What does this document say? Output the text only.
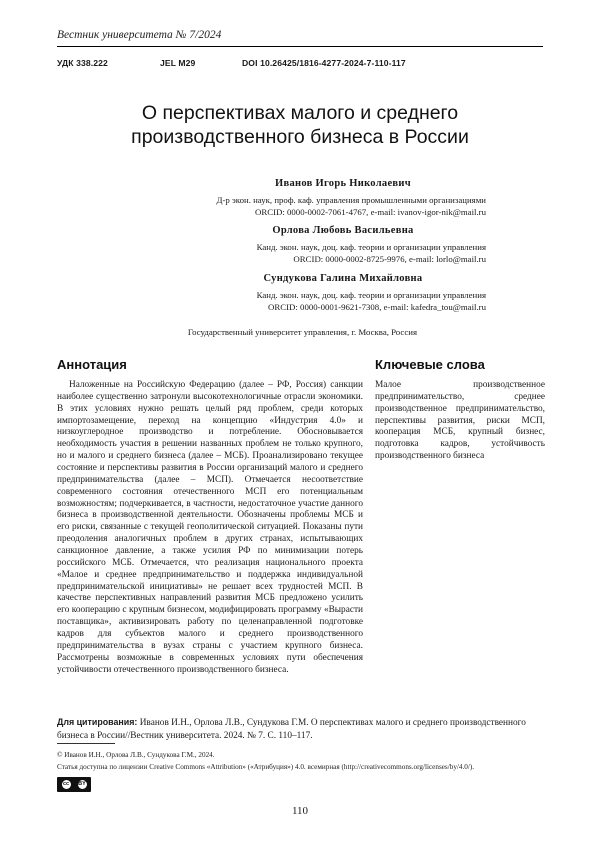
Вестник университета № 7/2024
УДК 338.222	JEL M29	DOI 10.26425/1816-4277-2024-7-110-117
О перспективах малого и среднего
производственного бизнеса в России
Иванов Игорь Николаевич
Д-р экон. наук, проф. каф. управления промышленными организациями
ORCID: 0000-0002-7061-4767, e-mail: ivanov-igor-nik@mail.ru
Орлова Любовь Васильевна
Канд. экон. наук, доц. каф. теории и организации управления
ORCID: 0000-0002-8725-9976, e-mail: lorlo@mail.ru
Сундукова Галина Михайловна
Канд. экон. наук, доц. каф. теории и организации управления
ORCID: 0000-0001-9621-7308, e-mail: kafedra_tou@mail.ru
Государственный университет управления, г. Москва, Россия
Аннотация

Наложенные на Российскую Федерацию (далее – РФ, Россия) санкции наиболее существенно затронули высокотехнологичные отрасли экономики. В этих условиях нужно решать целый ряд проблем, среди которых импортозамещение, переход на концепцию «Индустрия 4.0» и низкоуглеродное производство и потребление. Обосновывается необходимость участия в решении названных проблем не только крупного, но и малого и среднего бизнеса (далее – МСБ). Проанализировано текущее состояние и перспективы развития в России организаций малого и среднего предпринимательства (далее – МСП). Отмечается несоответствие современного состояния отечественного МСП его потенциальным возможностям; подчеркивается, в частности, недостаточное участие данного бизнеса в производственной деятельности. Обозначены проблемы МСБ и его риски, связанные с текущей геополитической ситуацией. Показаны пути преодоления аналогичных проблем в других странах, испытывающих санкционное давление, а также усилия РФ по минимизации потерь российского МСБ. Отмечается, что реализация национального проекта «Малое и среднее предпринимательство и поддержка индивидуальной предпринимательской инициативы» не решает всех трудностей МСП. В качестве перспективных направлений развития МСБ предложено усилить его кооперацию с крупным бизнесом, модифицировать программу «Вырасти поставщика», активизировать работу по целенаправленной подготовке кадров для субъектов малого и среднего производственного предпринимательства в вузах страны с участием крупного бизнеса. Рассмотрены возможные в современных условиях пути обеспечения устойчивости отечественного производственного бизнеса.

Ключевые слова
Малое производственное предпринимательство, среднее производственное предпринимательство, перспективы развития, риски МСП, кооперация МСБ, крупный бизнес, подготовка кадров, устойчивость производственного бизнеса
Для цитирования: Иванов И.Н., Орлова Л.В., Сундукова Г.М. О перспективах малого и среднего производственного бизнеса в России//Вестник университета. 2024. № 7. С. 110–117.
© Иванов И.Н., Орлова Л.В., Сундукова Г.М., 2024.
Статья доступна по лицензии Creative Commons «Attribution» («Атрибуция») 4.0. всемирная (http://creativecommons.org/licenses/by/4.0/).
cc BY
110
